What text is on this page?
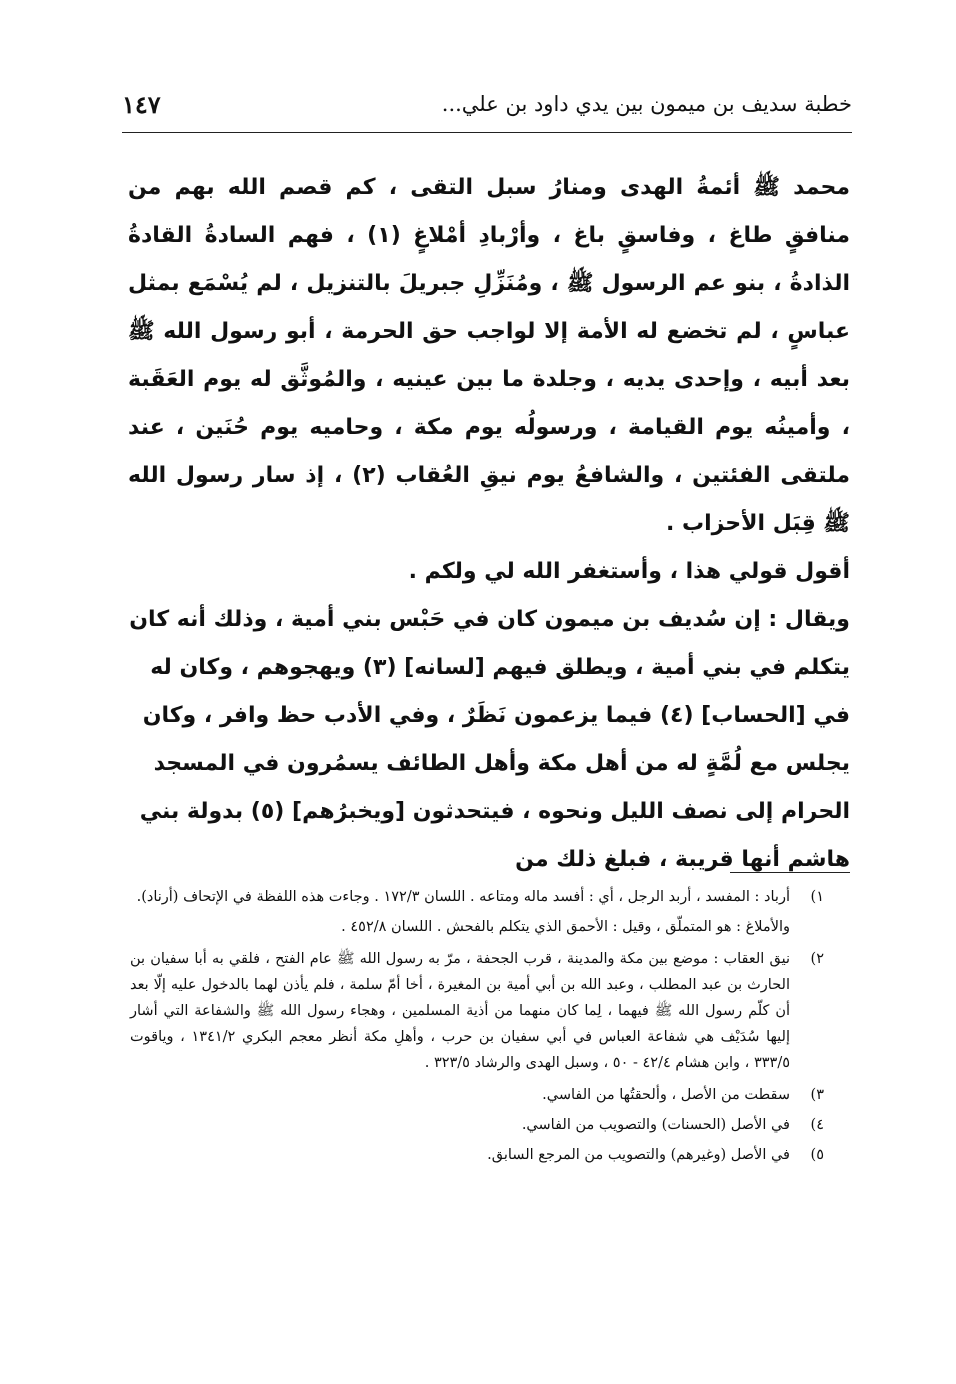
خطبة سديف بن ميمون بين يدي داود بن علي...
١٤٧

محمد ﷺ أئمةُ الهدى ومنارُ سبل التقى ، كم قصم الله بهم من منافقٍ طاغ ، وفاسقٍ باغ ، وأرْبادِ أمْلاغٍ (١) ، فهم السادةُ القادةُ الذادةُ ، بنو عم الرسول ﷺ ، ومُنَزِّلِ جبريلَ بالتنزيل ، لم يُسْمَع بمثل عباسٍ ، لم تخضع له الأمة إلا لواجب حق الحرمة ، أبو رسول الله ﷺ بعد أبيه ، وإحدى يديه ، وجلدة ما بين عينيه ، والمُوثَّق له يوم العَقَبة ، وأمينُه يوم القيامة ، ورسولُه يوم مكة ، وحاميه يوم حُنَين ، عند ملتقى الفئتين ، والشافعُ يوم نيقِ العُقاب (٢) ، إذ سار رسول الله ﷺ قِبَل الأحزاب .

أقول قولي هذا ، وأستغفر الله لي ولكم .

ويقال : إن سُديف بن ميمون كان في حَبْس بني أمية ، وذلك أنه كان يتكلم في بني أمية ، ويطلق فيهم [لسانه] (٣) ويهجوهم ، وكان له في [الحساب] (٤) فيما يزعمون نَظَرٌ ، وفي الأدب حظ وافر ، وكان يجلس مع لُمَّةٍ له من أهل مكة وأهل الطائف يسمُرون في المسجد الحرام إلى نصف الليل ونحوه ، فيتحدثون [ويخبرُهم] (٥) بدولة بني هاشم أنها قريبة ، فبلغ ذلك من

١)
أرباد : المفسد ، أربد الرجل ، أي : أفسد ماله ومتاعه . اللسان ١٧٢/٣ . وجاءت هذه اللفظة في الإتحاف (أرناد).
والأملاغ : هو المتملّق ، وقيل : الأحمق الذي يتكلم بالفحش . اللسان ٤٥٢/٨ .
٢)
نيق العقاب : موضع بين مكة والمدينة ، قرب الجحفة ، مرّ به رسول الله ﷺ عام الفتح ، فلقي به أبا سفيان بن الحارث بن عبد المطلب ، وعبد الله بن أبي أمية بن المغيرة ، أخا أمّ سلمة ، فلم يأذن لهما بالدخول عليه إلّا بعد أن كلّم رسول الله ﷺ فيهما ، لِما كان منهما من أذية المسلمين ، وهجاء رسول الله ﷺ والشفاعة التي أشار إليها سُدَيْف هي شفاعة العباس في أبي سفيان بن حرب ، وأهلِ مكة أنظر معجم البكري ١٣٤١/٢ ، وياقوت ٣٣٣/٥ ، وابن هشام ٤٢/٤ - ٥٠ ، وسبل الهدى والرشاد ٣٢٣/٥ .
٣)
سقطت من الأصل ، وألحقتُها من الفاسي.
٤)
في الأصل (الحسنات) والتصويب من الفاسي.
٥)
في الأصل (وغيرهم) والتصويب من المرجع السابق.
